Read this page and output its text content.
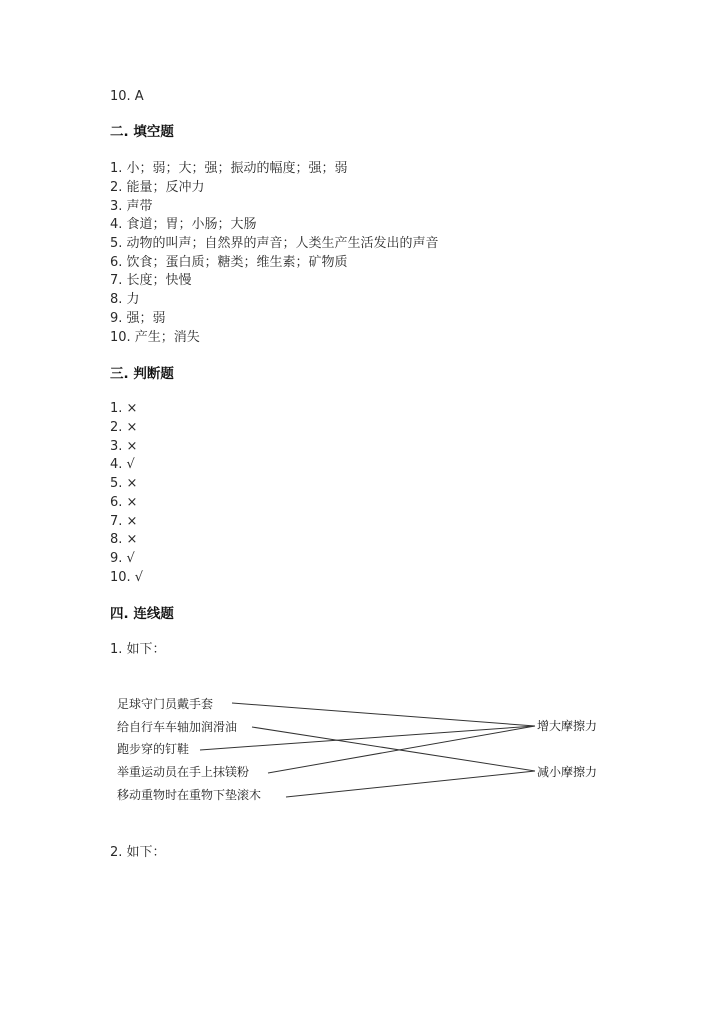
10. A
二. 填空题
1. 小；弱；大；强；振动的幅度；强；弱
2. 能量；反冲力
3. 声带
4. 食道；胃；小肠；大肠
5. 动物的叫声；自然界的声音；人类生产生活发出的声音
6. 饮食；蛋白质；糖类；维生素；矿物质
7. 长度；快慢
8. 力
9. 强；弱
10. 产生；消失
三. 判断题
1. ×
2. ×
3. ×
4. √
5. ×
6. ×
7. ×
8. ×
9. √
10. √
四. 连线题
1. 如下：
足球守门员戴手套
给自行车车轴加润滑油
跑步穿的钉鞋
举重运动员在手上抹镁粉
移动重物时在重物下垫滚木
增大摩擦力
减小摩擦力
2. 如下：
